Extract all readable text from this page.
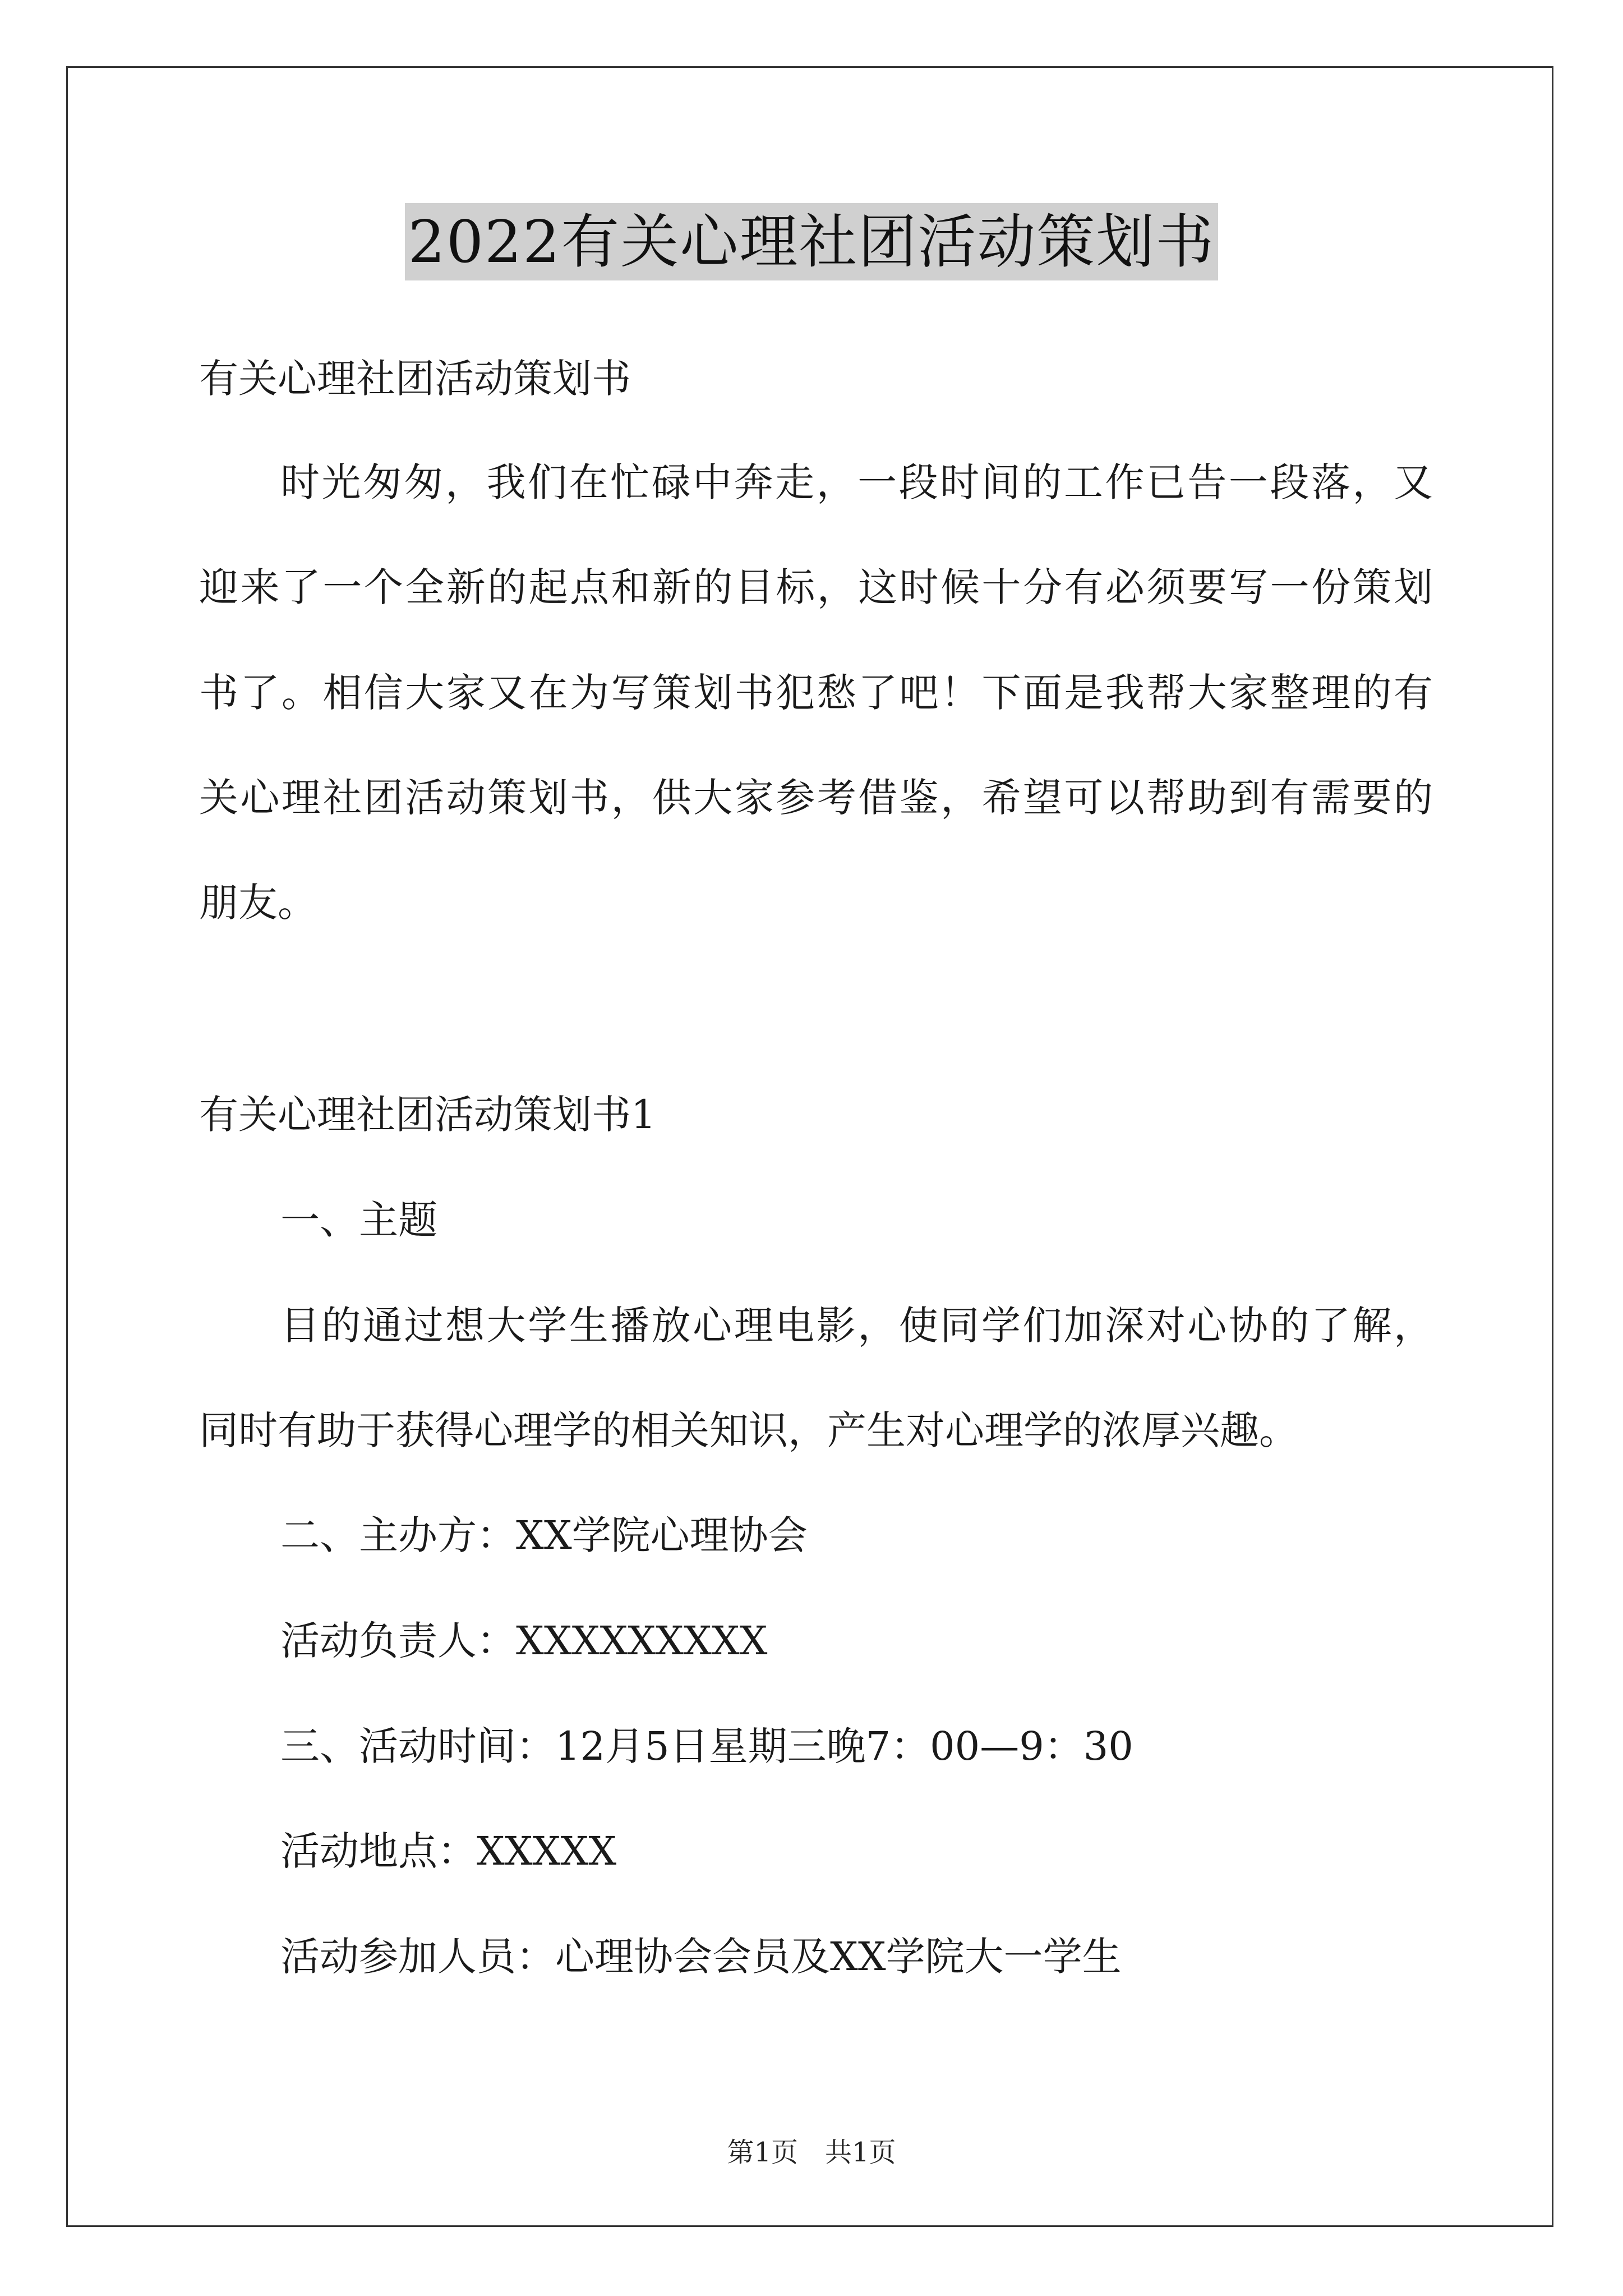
2022有关心理社团活动策划书
有关心理社团活动策划书
时光匆匆，我们在忙碌中奔走，一段时间的工作已告一段落，又
迎来了一个全新的起点和新的目标，这时候十分有必须要写一份策划
书了。相信大家又在为写策划书犯愁了吧！下面是我帮大家整理的有
关心理社团活动策划书，供大家参考借鉴，希望可以帮助到有需要的
朋友。
有关心理社团活动策划书1
一、主题
目的通过想大学生播放心理电影，使同学们加深对心协的了解，
同时有助于获得心理学的相关知识，产生对心理学的浓厚兴趣。
二、主办方：XX学院心理协会
活动负责人：XXXXXXXXX
三、活动时间：12月5日星期三晚7：00—9：30
活动地点：XXXXX
活动参加人员：心理协会会员及XX学院大一学生
第1页　共1页
